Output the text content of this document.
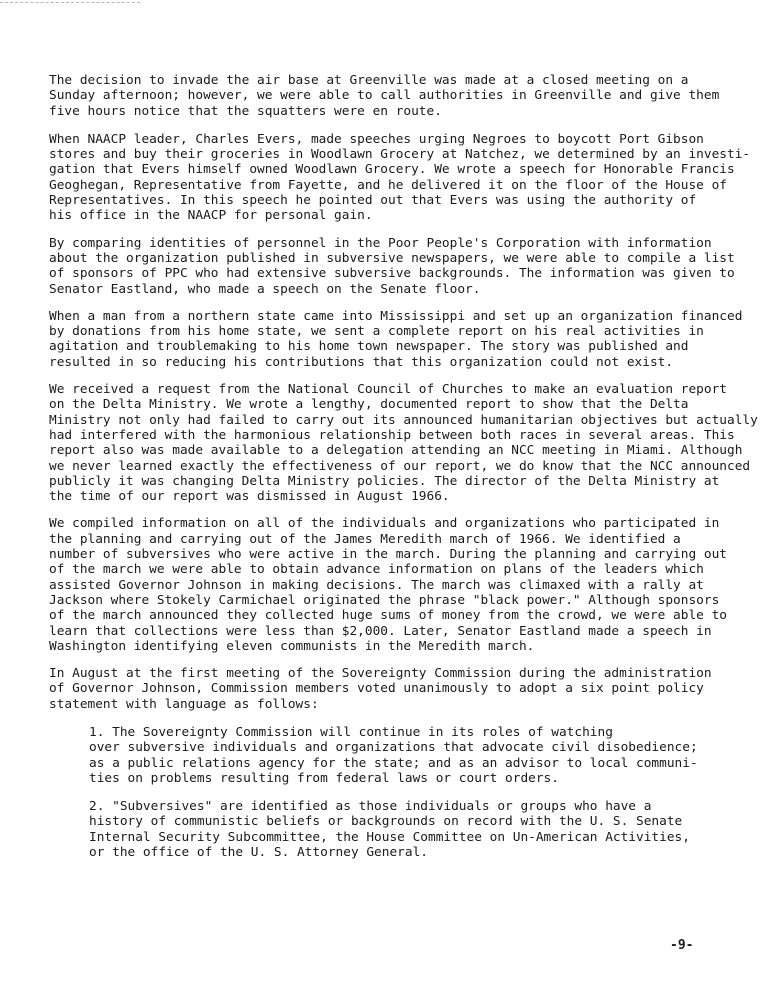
The decision to invade the air base at Greenville was made at a closed meeting on a
Sunday afternoon; however, we were able to call authorities in Greenville and give them
five hours notice that the squatters were en route.

When NAACP leader, Charles Evers, made speeches urging Negroes to boycott Port Gibson
stores and buy their groceries in Woodlawn Grocery at Natchez, we determined by an investi-
gation that Evers himself owned Woodlawn Grocery. We wrote a speech for Honorable Francis
Geoghegan, Representative from Fayette, and he delivered it on the floor of the House of
Representatives. In this speech he pointed out that Evers was using the authority of
his office in the NAACP for personal gain.

By comparing identities of personnel in the Poor People's Corporation with information
about the organization published in subversive newspapers, we were able to compile a list
of sponsors of PPC who had extensive subversive backgrounds. The information was given to
Senator Eastland, who made a speech on the Senate floor.

When a man from a northern state came into Mississippi and set up an organization financed
by donations from his home state, we sent a complete report on his real activities in
agitation and troublemaking to his home town newspaper. The story was published and
resulted in so reducing his contributions that this organization could not exist.

We received a request from the National Council of Churches to make an evaluation report
on the Delta Ministry. We wrote a lengthy, documented report to show that the Delta
Ministry not only had failed to carry out its announced humanitarian objectives but actually
had interfered with the harmonious relationship between both races in several areas. This
report also was made available to a delegation attending an NCC meeting in Miami. Although
we never learned exactly the effectiveness of our report, we do know that the NCC announced
publicly it was changing Delta Ministry policies. The director of the Delta Ministry at
the time of our report was dismissed in August 1966.

We compiled information on all of the individuals and organizations who participated in
the planning and carrying out of the James Meredith march of 1966. We identified a
number of subversives who were active in the march. During the planning and carrying out
of the march we were able to obtain advance information on plans of the leaders which
assisted Governor Johnson in making decisions. The march was climaxed with a rally at
Jackson where Stokely Carmichael originated the phrase "black power." Although sponsors
of the march announced they collected huge sums of money from the crowd, we were able to
learn that collections were less than $2,000. Later, Senator Eastland made a speech in
Washington identifying eleven communists in the Meredith march.

In August at the first meeting of the Sovereignty Commission during the administration
of Governor Johnson, Commission members voted unanimously to adopt a six point policy
statement with language as follows:

1. The Sovereignty Commission will continue in its roles of watching
over subversive individuals and organizations that advocate civil disobedience;
as a public relations agency for the state; and as an advisor to local communi-
ties on problems resulting from federal laws or court orders.

2. "Subversives" are identified as those individuals or groups who have a
history of communistic beliefs or backgrounds on record with the U. S. Senate
Internal Security Subcommittee, the House Committee on Un-American Activities,
or the office of the U. S. Attorney General.

-9-
